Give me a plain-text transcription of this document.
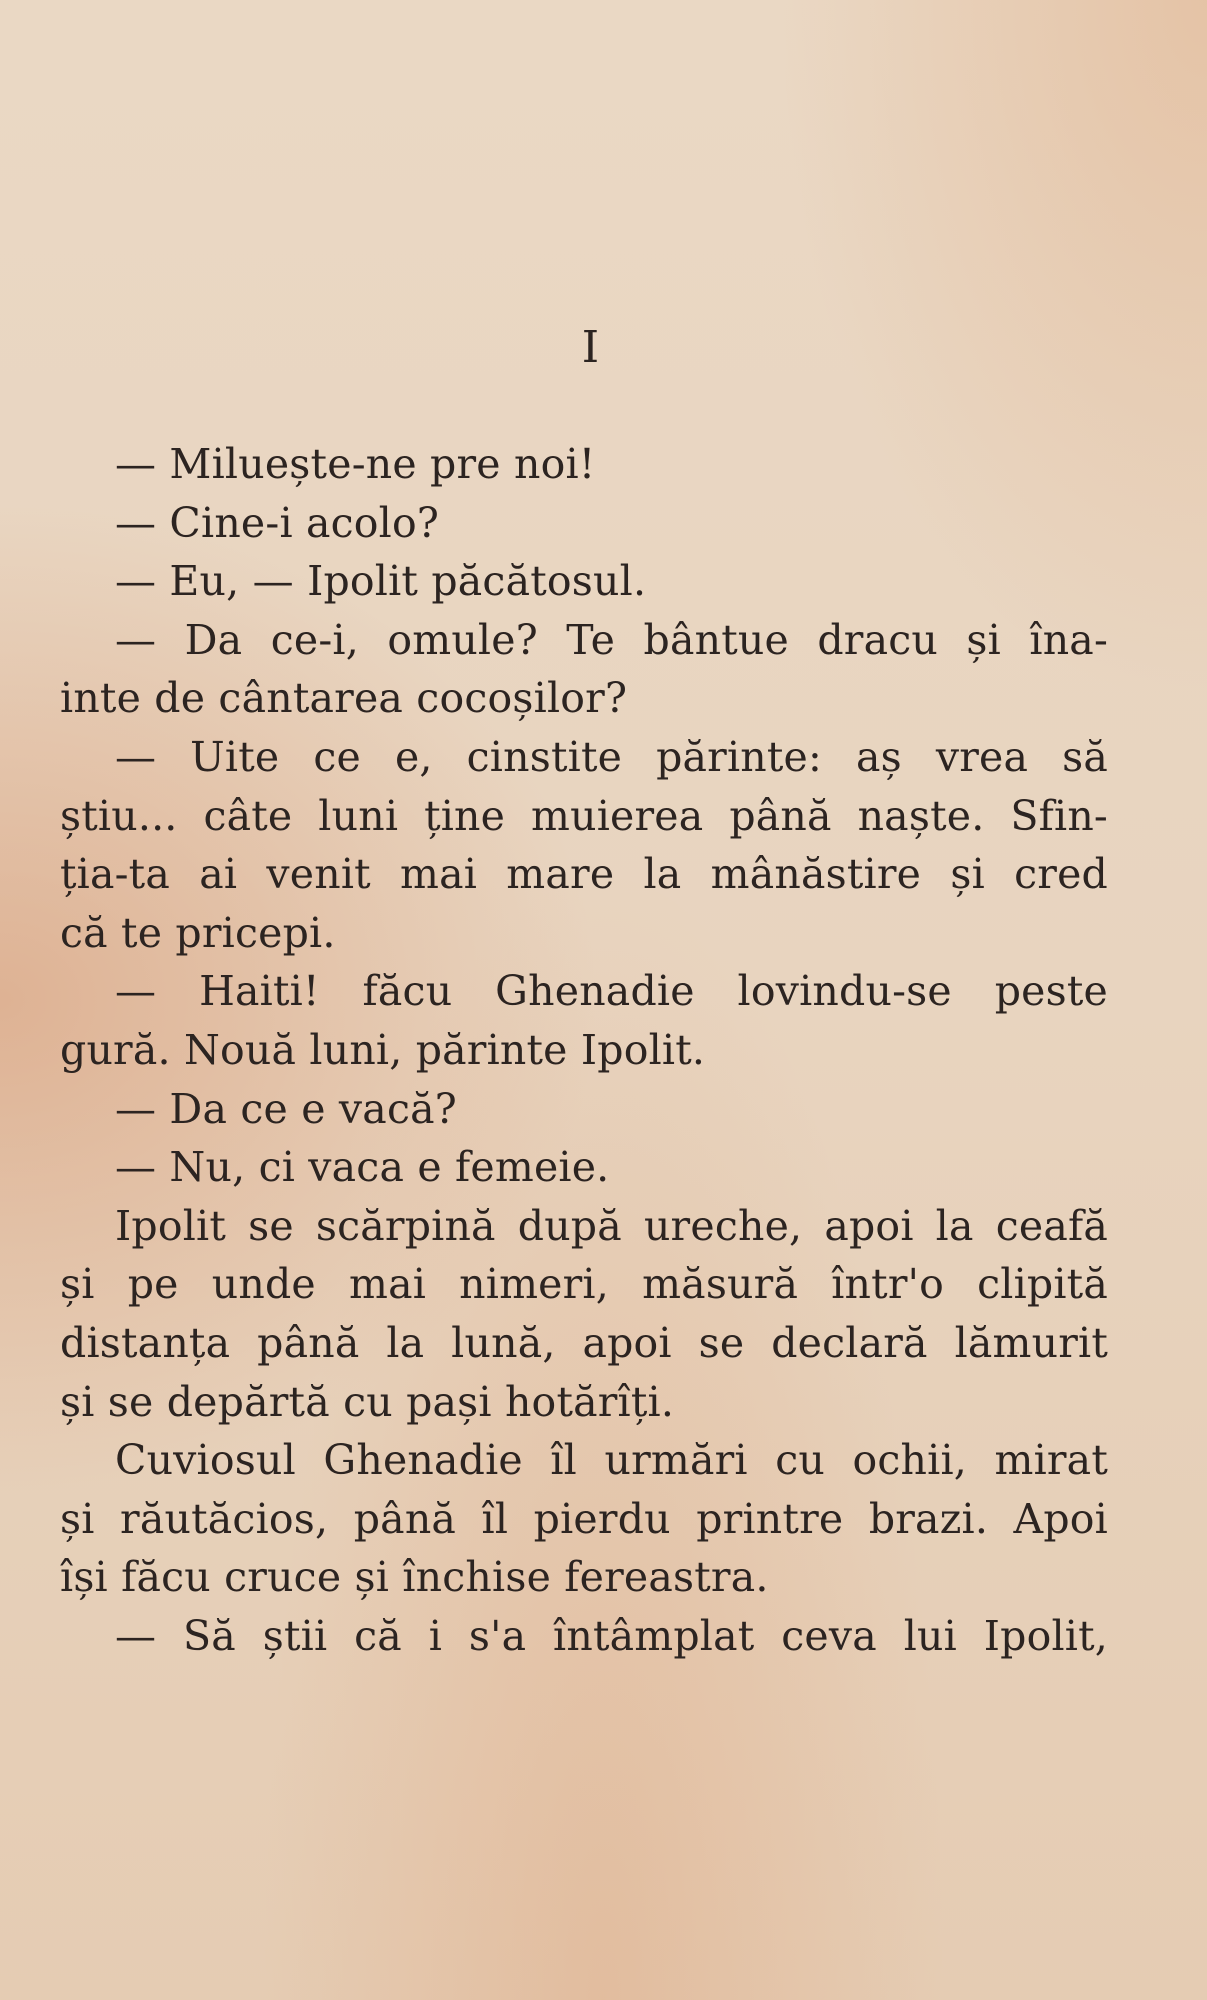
I
— Miluește-ne pre noi!
— Cine-i acolo?
— Eu, — Ipolit păcătosul.
— Da ce-i, omule? Te bântue dracu și îna-
inte de cântarea cocoșilor?
— Uite ce e, cinstite părinte: aș vrea să
știu... câte luni ține muierea până naște. Sfin-
ția-ta ai venit mai mare la mânăstire și cred
că te pricepi.
— Haiti! făcu Ghenadie lovindu-se peste
gură. Nouă luni, părinte Ipolit.
— Da ce e vacă?
— Nu, ci vaca e femeie.
Ipolit se scărpină după ureche, apoi la ceafă
și pe unde mai nimeri, măsură într'o clipită
distanța până la lună, apoi se declară lămurit
și se depărtă cu pași hotărîți.
Cuviosul Ghenadie îl urmări cu ochii, mirat
și răutăcios, până îl pierdu printre brazi. Apoi
își făcu cruce și închise fereastra.
— Să știi că i s'a întâmplat ceva lui Ipolit,
